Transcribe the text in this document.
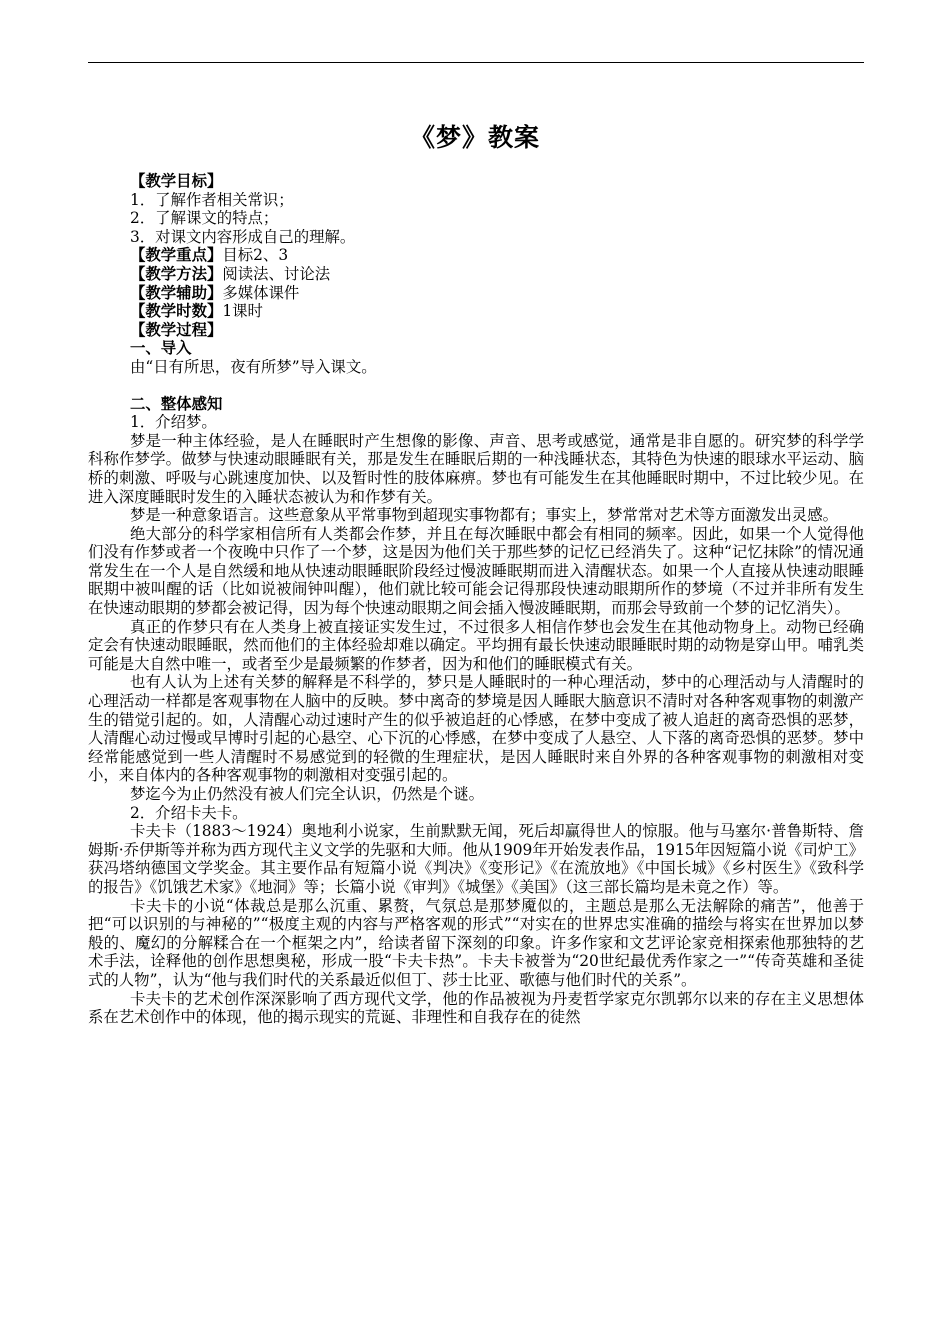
《梦》教案
【教学目标】
1．了解作者相关常识；
2．了解课文的特点；
3．对课文内容形成自己的理解。
【教学重点】目标2、3
【教学方法】阅读法、讨论法
【教学辅助】多媒体课件
【教学时数】1课时
【教学过程】
一、导入
由“日有所思，夜有所梦”导入课文。
二、整体感知
1．介绍梦。

梦是一种主体经验，是人在睡眠时产生想像的影像、声音、思考或感觉，通常是非自愿的。研究梦的科学学科称作梦学。做梦与快速动眼睡眠有关，那是发生在睡眠后期的一种浅睡状态，其特色为快速的眼球水平运动、脑桥的刺激、呼吸与心跳速度加快、以及暂时性的肢体麻痹。梦也有可能发生在其他睡眠时期中，不过比较少见。在进入深度睡眠时发生的入睡状态被认为和作梦有关。

梦是一种意象语言。这些意象从平常事物到超现实事物都有；事实上，梦常常对艺术等方面激发出灵感。

绝大部分的科学家相信所有人类都会作梦，并且在每次睡眠中都会有相同的频率。因此，如果一个人觉得他们没有作梦或者一个夜晚中只作了一个梦，这是因为他们关于那些梦的记忆已经消失了。这种“记忆抹除”的情况通常发生在一个人是自然缓和地从快速动眼睡眠阶段经过慢波睡眠期而进入清醒状态。如果一个人直接从快速动眼睡眠期中被叫醒的话（比如说被闹钟叫醒），他们就比较可能会记得那段快速动眼期所作的梦境（不过并非所有发生在快速动眼期的梦都会被记得，因为每个快速动眼期之间会插入慢波睡眠期，而那会导致前一个梦的记忆消失）。

真正的作梦只有在人类身上被直接证实发生过，不过很多人相信作梦也会发生在其他动物身上。动物已经确定会有快速动眼睡眠，然而他们的主体经验却难以确定。平均拥有最长快速动眼睡眠时期的动物是穿山甲。哺乳类可能是大自然中唯一，或者至少是最频繁的作梦者，因为和他们的睡眠模式有关。

也有人认为上述有关梦的解释是不科学的，梦只是人睡眠时的一种心理活动，梦中的心理活动与人清醒时的心理活动一样都是客观事物在人脑中的反映。梦中离奇的梦境是因人睡眠大脑意识不清时对各种客观事物的刺激产生的错觉引起的。如，人清醒心动过速时产生的似乎被追赶的心悸感，在梦中变成了被人追赶的离奇恐惧的恶梦，人清醒心动过慢或早博时引起的心悬空、心下沉的心悸感，在梦中变成了人悬空、人下落的离奇恐惧的恶梦。梦中经常能感觉到一些人清醒时不易感觉到的轻微的生理症状，是因人睡眠时来自外界的各种客观事物的刺激相对变小，来自体内的各种客观事物的刺激相对变强引起的。

梦迄今为止仍然没有被人们完全认识，仍然是个谜。

2．介绍卡夫卡。

卡夫卡（1883～1924）奥地利小说家，生前默默无闻，死后却赢得世人的惊服。他与马塞尔·普鲁斯特、詹姆斯·乔伊斯等并称为西方现代主义文学的先驱和大师。他从1909年开始发表作品，1915年因短篇小说《司炉工》获冯塔纳德国文学奖金。其主要作品有短篇小说《判决》《变形记》《在流放地》《中国长城》《乡村医生》《致科学的报告》《饥饿艺术家》《地洞》等；长篇小说《审判》《城堡》《美国》（这三部长篇均是未竟之作）等。

卡夫卡的小说“体裁总是那么沉重、累赘，气氛总是那梦魇似的，主题总是那么无法解除的痛苦”，他善于把“可以识别的与神秘的”“极度主观的内容与严格客观的形式”“对实在的世界忠实准确的描绘与将实在世界加以梦般的、魔幻的分解糅合在一个框架之内”，给读者留下深刻的印象。许多作家和文艺评论家竞相探索他那独特的艺术手法，诠释他的创作思想奥秘，形成一股“卡夫卡热”。卡夫卡被誉为“20世纪最优秀作家之一”“传奇英雄和圣徒式的人物”，认为“他与我们时代的关系最近似但丁、莎士比亚、歌德与他们时代的关系”。

卡夫卡的艺术创作深深影响了西方现代文学，他的作品被视为丹麦哲学家克尔凯郭尔以来的存在主义思想体系在艺术创作中的体现，他的揭示现实的荒诞、非理性和自我存在的徒然
